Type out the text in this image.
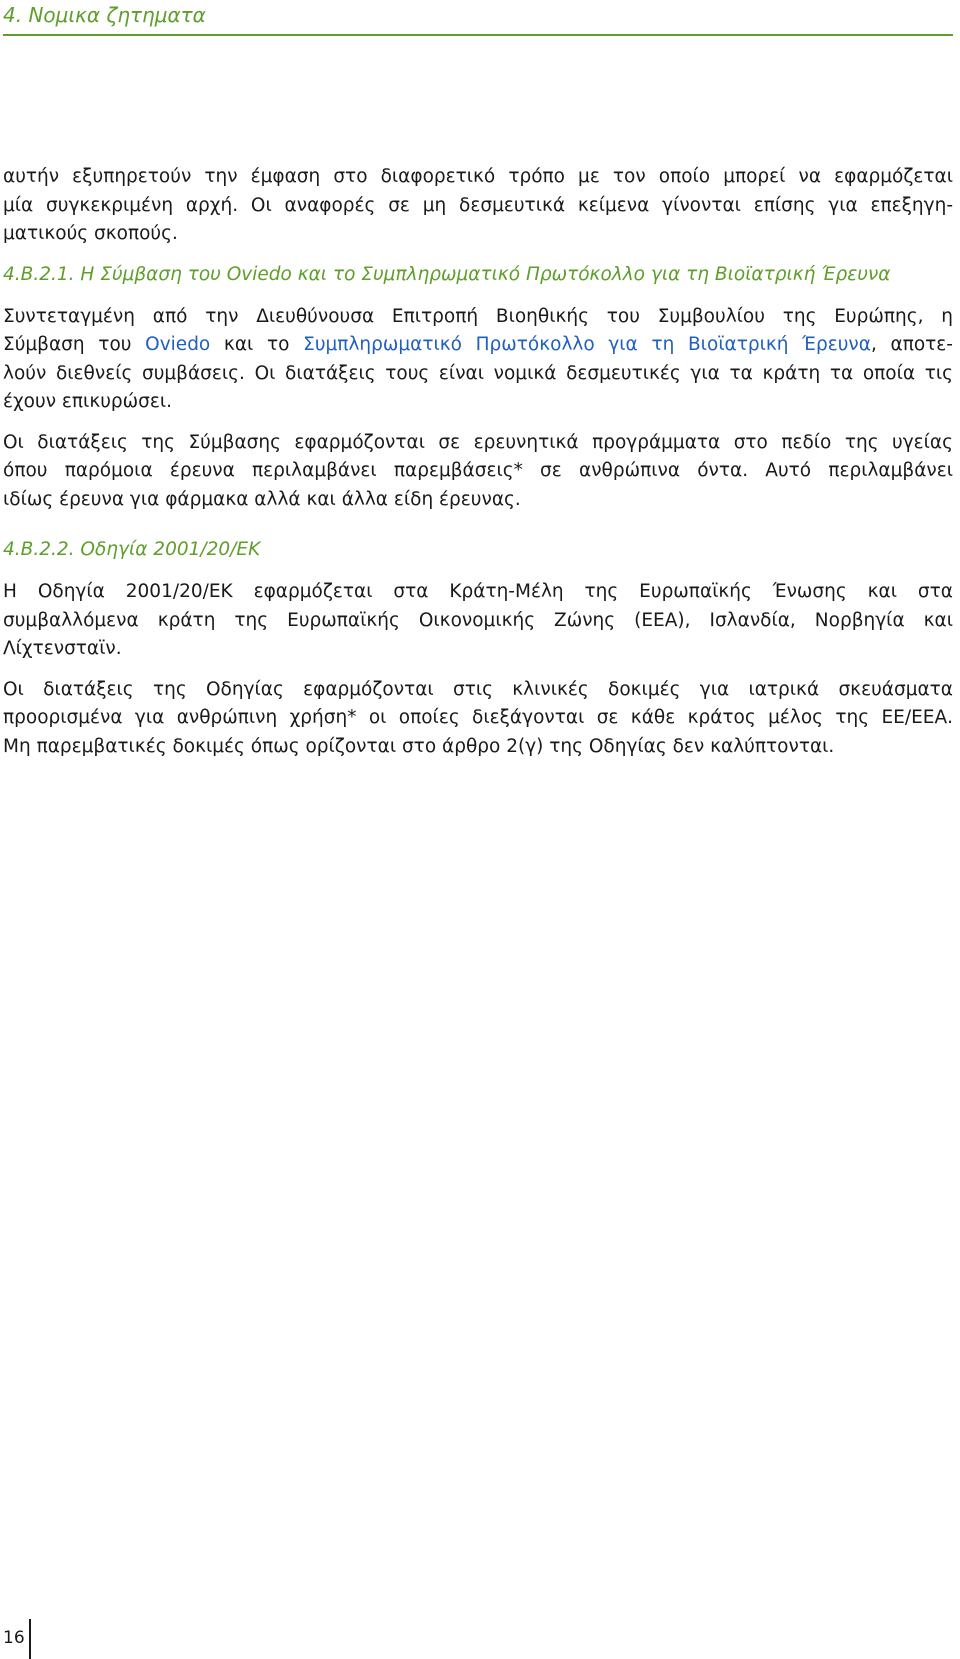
4. Νομικα ζητηματα

αυτήν εξυπηρετούν την έμφαση στο διαφορετικό τρόπο με τον οποίο μπορεί να εφαρμόζεται
μία συγκεκριμένη αρχή. Οι αναφορές σε μη δεσμευτικά κείμενα γίνονται επίσης για επεξηγη-
ματικούς σκοπούς.

4.B.2.1. Η Σύμβαση του Oviedo και το Συμπληρωματικό Πρωτόκολλο για τη Βιοϊατρική Έρευνα

Συντεταγμένη από την Διευθύνουσα Επιτροπή Βιοηθικής του Συμβουλίου της Ευρώπης, η
Σύμβαση του Oviedo και το Συμπληρωματικό Πρωτόκολλο για τη Βιοϊατρική Έρευνα, αποτε-
λούν διεθνείς συμβάσεις. Οι διατάξεις τους είναι νομικά δεσμευτικές για τα κράτη τα οποία τις
έχουν επικυρώσει.

Οι διατάξεις της Σύμβασης εφαρμόζονται σε ερευνητικά προγράμματα στο πεδίο της υγείας
όπου παρόμοια έρευνα περιλαμβάνει παρεμβάσεις* σε ανθρώπινα όντα. Αυτό περιλαμβάνει
ιδίως έρευνα για φάρμακα αλλά και άλλα είδη έρευνας.

4.B.2.2. Οδηγία 2001/20/ΕΚ

Η Οδηγία 2001/20/ΕΚ εφαρμόζεται στα Κράτη-Μέλη της Ευρωπαϊκής Ένωσης και στα
συμβαλλόμενα κράτη της Ευρωπαϊκής Οικονομικής Ζώνης (ΕΕΑ), Ισλανδία, Νορβηγία και
Λίχτενσταϊν.

Οι διατάξεις της Οδηγίας εφαρμόζονται στις κλινικές δοκιμές για ιατρικά σκευάσματα
προορισμένα για ανθρώπινη χρήση* οι οποίες διεξάγονται σε κάθε κράτος μέλος της ΕΕ/ΕΕΑ.
Μη παρεμβατικές δοκιμές όπως ορίζονται στο άρθρο 2(γ) της Οδηγίας δεν καλύπτονται.

16
